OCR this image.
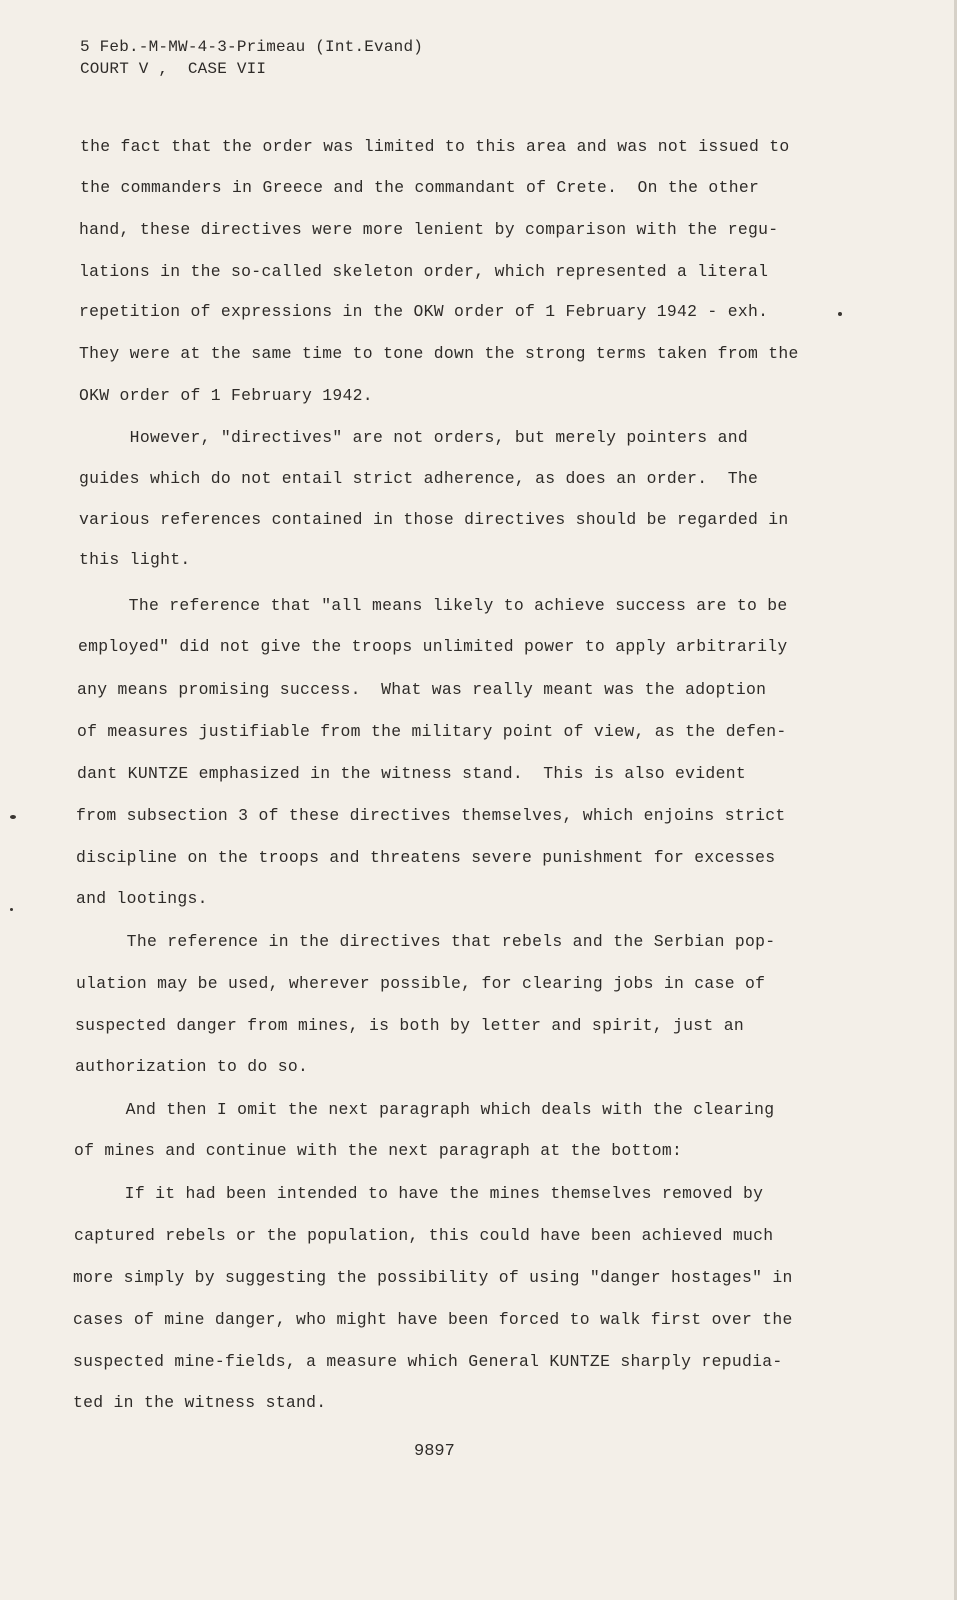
5 Feb.-M-MW-4-3-Primeau (Int.Evand)
COURT V ,  CASE VII
the fact that the order was limited to this area and was not issued to
the commanders in Greece and the commandant of Crete.  On the other
hand, these directives were more lenient by comparison with the regu-
lations in the so-called skeleton order, which represented a literal
repetition of expressions in the OKW order of 1 February 1942 - exh.
They were at the same time to tone down the strong terms taken from the
OKW order of 1 February 1942.
However, "directives" are not orders, but merely pointers and
guides which do not entail strict adherence, as does an order.  The
various references contained in those directives should be regarded in
this light.
The reference that "all means likely to achieve success are to be
employed" did not give the troops unlimited power to apply arbitrarily
any means promising success.  What was really meant was the adoption
of measures justifiable from the military point of view, as the defen-
dant KUNTZE emphasized in the witness stand.  This is also evident
from subsection 3 of these directives themselves, which enjoins strict
discipline on the troops and threatens severe punishment for excesses
and lootings.
The reference in the directives that rebels and the Serbian pop-
ulation may be used, wherever possible, for clearing jobs in case of
suspected danger from mines, is both by letter and spirit, just an
authorization to do so.
And then I omit the next paragraph which deals with the clearing
of mines and continue with the next paragraph at the bottom:
If it had been intended to have the mines themselves removed by
captured rebels or the population, this could have been achieved much
more simply by suggesting the possibility of using "danger hostages" in
cases of mine danger, who might have been forced to walk first over the
suspected mine-fields, a measure which General KUNTZE sharply repudia-
ted in the witness stand.
9897
